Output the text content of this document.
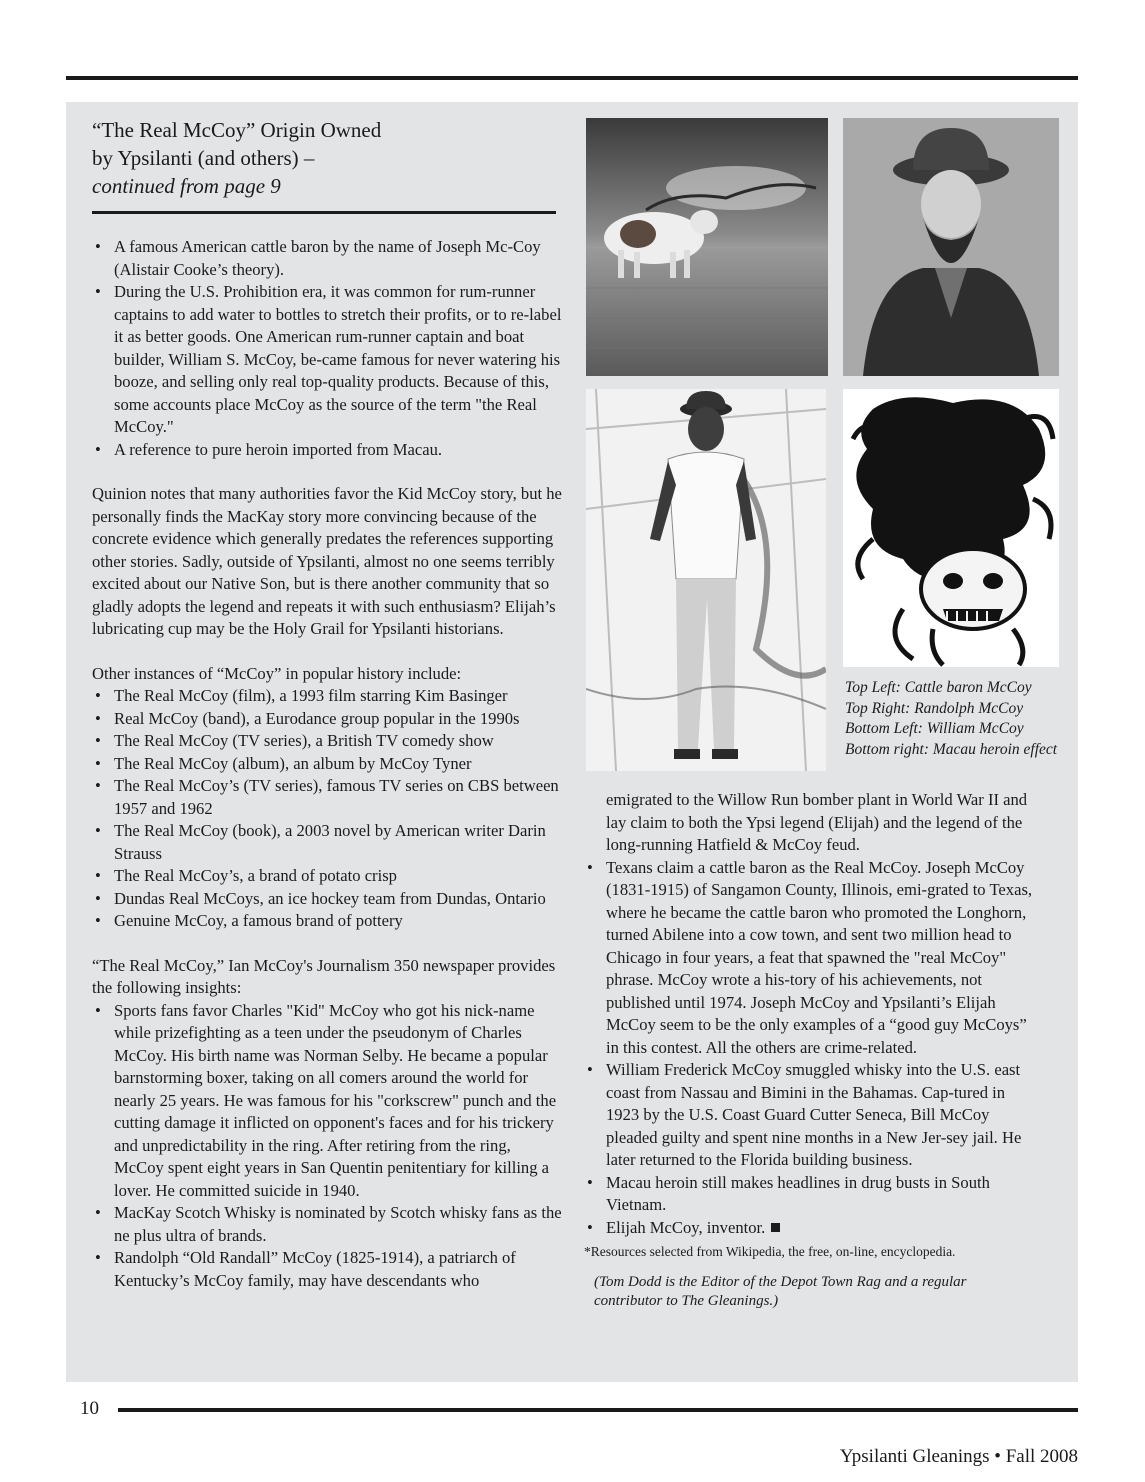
“The Real McCoy” Origin Owned
by Ypsilanti (and others) –
continued from page 9
• A famous American cattle baron by the name of Joseph Mc-Coy (Alistair Cooke’s theory).
• During the U.S. Prohibition era, it was common for rum-runner captains to add water to bottles to stretch their profits, or to re-label it as better goods. One American rum-runner captain and boat builder, William S. McCoy, be-came famous for never watering his booze, and selling only real top-quality products. Because of this, some accounts place McCoy as the source of the term "the Real McCoy."
• A reference to pure heroin imported from Macau.

Quinion notes that many authorities favor the Kid McCoy story, but he personally finds the MacKay story more convincing because of the concrete evidence which generally predates the references supporting other stories. Sadly, outside of Ypsilanti, almost no one seems terribly excited about our Native Son, but is there another community that so gladly adopts the legend and repeats it with such enthusiasm? Elijah’s lubricating cup may be the Holy Grail for Ypsilanti historians.

Other instances of “McCoy” in popular history include:

• The Real McCoy (film), a 1993 film starring Kim Basinger
• Real McCoy (band), a Eurodance group popular in the 1990s
• The Real McCoy (TV series), a British TV comedy show
• The Real McCoy (album), an album by McCoy Tyner
• The Real McCoy’s (TV series), famous TV series on CBS between 1957 and 1962
• The Real McCoy (book), a 2003 novel by American writer Darin Strauss
• The Real McCoy’s, a brand of potato crisp
• Dundas Real McCoys, an ice hockey team from Dundas, Ontario
• Genuine McCoy, a famous brand of pottery

“The Real McCoy,” Ian McCoy's Journalism 350 newspaper provides the following insights:

• Sports fans favor Charles "Kid" McCoy who got his nick-name while prizefighting as a teen under the pseudonym of Charles McCoy. His birth name was Norman Selby. He became a popular barnstorming boxer, taking on all comers around the world for nearly 25 years. He was famous for his "corkscrew" punch and the cutting damage it inflicted on opponent's faces and for his trickery and unpredictability in the ring. After retiring from the ring, McCoy spent eight years in San Quentin penitentiary for killing a lover. He committed suicide in 1940.
• MacKay Scotch Whisky is nominated by Scotch whisky fans as the ne plus ultra of brands.
• Randolph “Old Randall” McCoy (1825-1914), a patriarch of Kentucky’s McCoy family, may have descendants who
Top Left: Cattle baron McCoy
Top Right: Randolph McCoy
Bottom Left: William McCoy
Bottom right: Macau heroin effect
emigrated to the Willow Run bomber plant in World War II and lay claim to both the Ypsi legend (Elijah) and the legend of the long-running Hatfield & McCoy feud.
• Texans claim a cattle baron as the Real McCoy. Joseph McCoy (1831-1915) of Sangamon County, Illinois, emi-grated to Texas, where he became the cattle baron who promoted the Longhorn, turned Abilene into a cow town, and sent two million head to Chicago in four years, a feat that spawned the "real McCoy" phrase. McCoy wrote a his-tory of his achievements, not published until 1974. Joseph McCoy and Ypsilanti’s Elijah McCoy seem to be the only examples of a “good guy McCoys” in this contest. All the others are crime-related.
• William Frederick McCoy smuggled whisky into the U.S. east coast from Nassau and Bimini in the Bahamas. Cap-tured in 1923 by the U.S. Coast Guard Cutter Seneca, Bill McCoy pleaded guilty and spent nine months in a New Jer-sey jail. He later returned to the Florida building business.
• Macau heroin still makes headlines in drug busts in South Vietnam.
• Elijah McCoy, inventor.
*Resources selected from Wikipedia, the free, on-line, encyclopedia.
(Tom Dodd is the Editor of the Depot Town Rag and a regular contributor to The Gleanings.)
10
Ypsilanti Gleanings • Fall 2008
